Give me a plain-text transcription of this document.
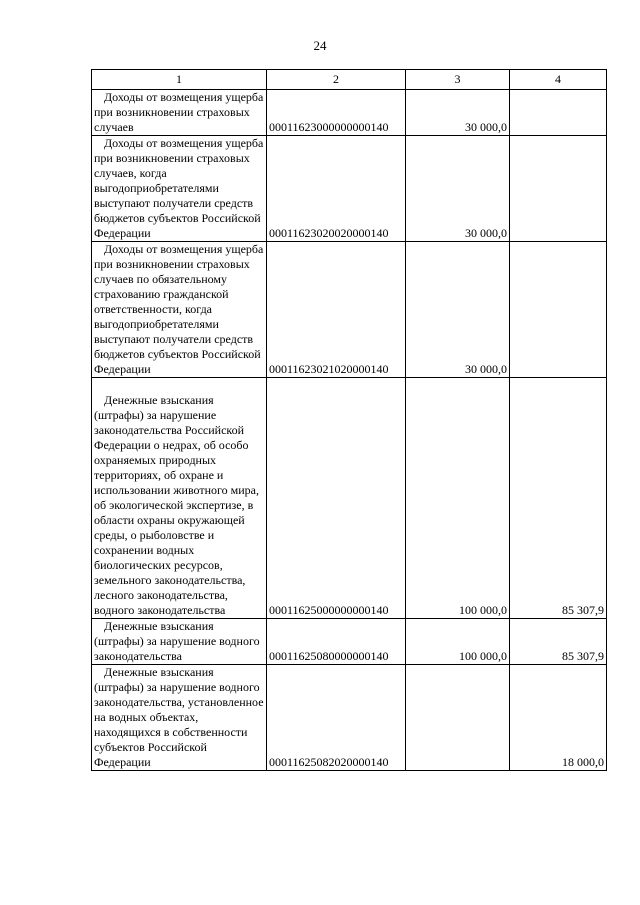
24
1	2	3	4
Доходы от возмещения ущерба при возникновении страховых случаев	00011623000000000140	30 000,0	
Доходы от возмещения ущерба при возникновении страховых случаев, когда выгодоприобретателями выступают получатели средств бюджетов субъектов Российской Федерации	00011623020020000140	30 000,0	
Доходы от возмещения ущерба при возникновении страховых случаев по обязательному страхованию гражданской ответственности, когда выгодоприобретателями выступают получатели средств бюджетов субъектов Российской Федерации	00011623021020000140	30 000,0	
Денежные взыскания (штрафы) за нарушение законодательства Российской Федерации о недрах, об особо охраняемых природных территориях, об охране и использовании животного мира, об экологической экспертизе, в области охраны окружающей среды, о рыболовстве и сохранении водных биологических ресурсов, земельного законодательства, лесного законодательства, водного законодательства	00011625000000000140	100 000,0	85 307,9
Денежные взыскания (штрафы) за нарушение водного законодательства	00011625080000000140	100 000,0	85 307,9
Денежные взыскания (штрафы) за нарушение водного законодательства, установленное на водных объектах, находящихся в собственности субъектов Российской Федерации	00011625082020000140		18 000,0
